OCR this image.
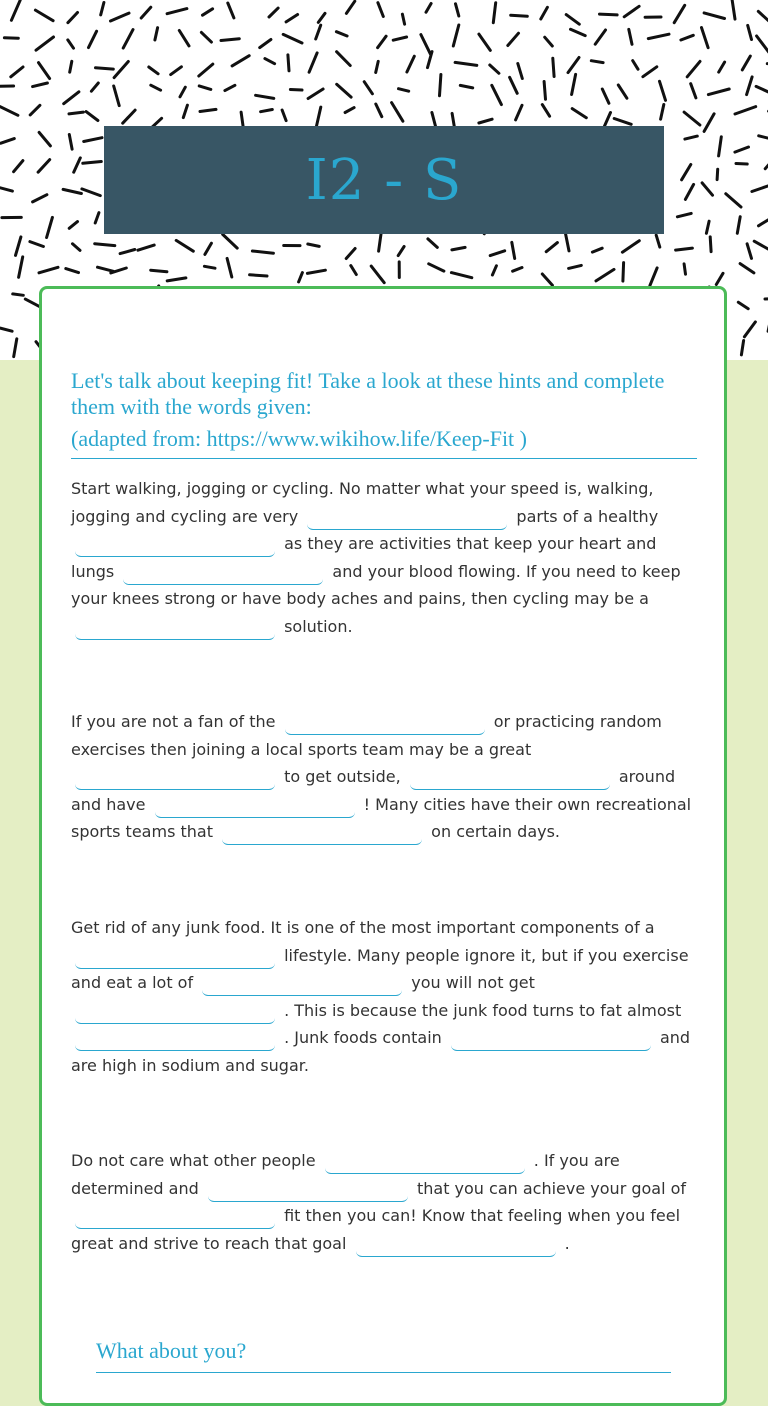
I2 - S
Let's talk about keeping fit! Take a look at these hints and complete them with the words given:
(adapted from: https://www.wikihow.life/Keep-Fit )
Start walking, jogging or cycling. No matter what your speed is, walking, jogging and cycling are very	parts of a healthy  as they are activities that keep your heart and lungs	and your blood flowing. If you need to keep your knees strong or have body aches and pains, then cycling may be a  solution.
If you are not a fan of the	or practicing random exercises then joining a local sports team may be a great  to get outside,	around and have	! Many cities have their own recreational sports teams that	on certain days.
Get rid of any junk food. It is one of the most important components of a  lifestyle. Many people ignore it, but if you exercise and eat a lot of	you will not get  . This is because the junk food turns to fat almost  . Junk foods contain	and are high in sodium and sugar.
Do not care what other people	. If you are determined and	that you can achieve your goal of  fit then you can! Know that feeling when you feel great and strive to reach that goal	.
What about you?
